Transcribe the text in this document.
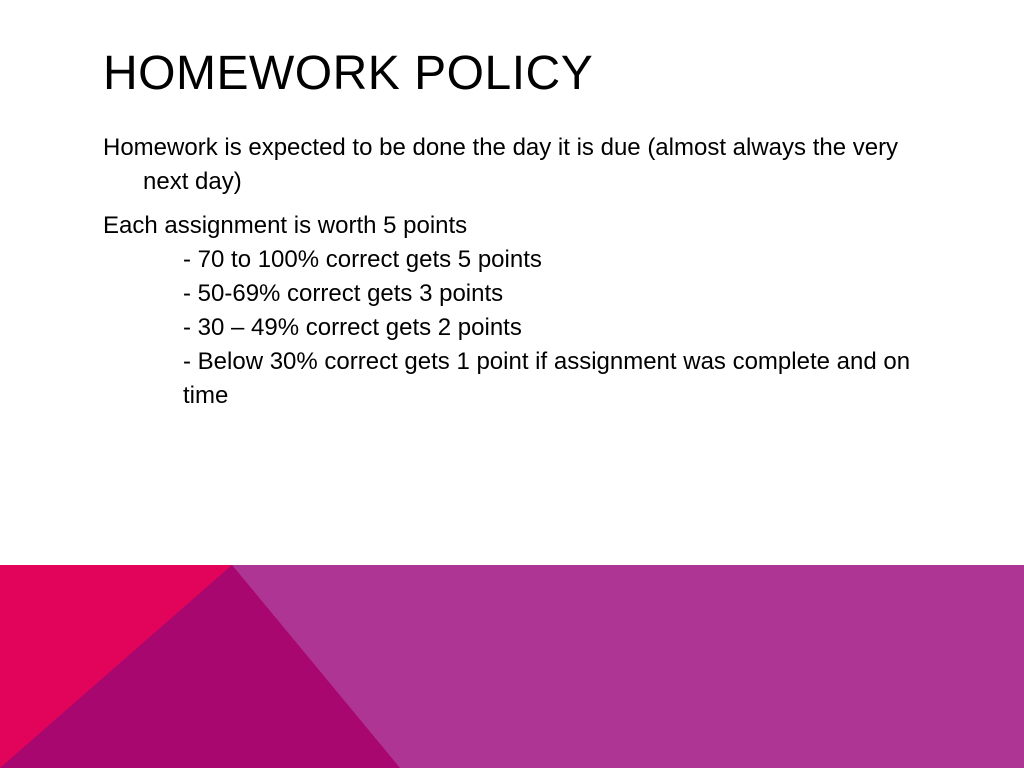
HOMEWORK POLICY

Homework is expected to be done the day it is due (almost always the very next day)

Each assignment is worth 5 points
- 70 to 100% correct gets 5 points
- 50-69% correct gets 3 points
- 30 – 49% correct gets 2 points
- Below 30% correct gets 1 point if assignment was complete and on time
